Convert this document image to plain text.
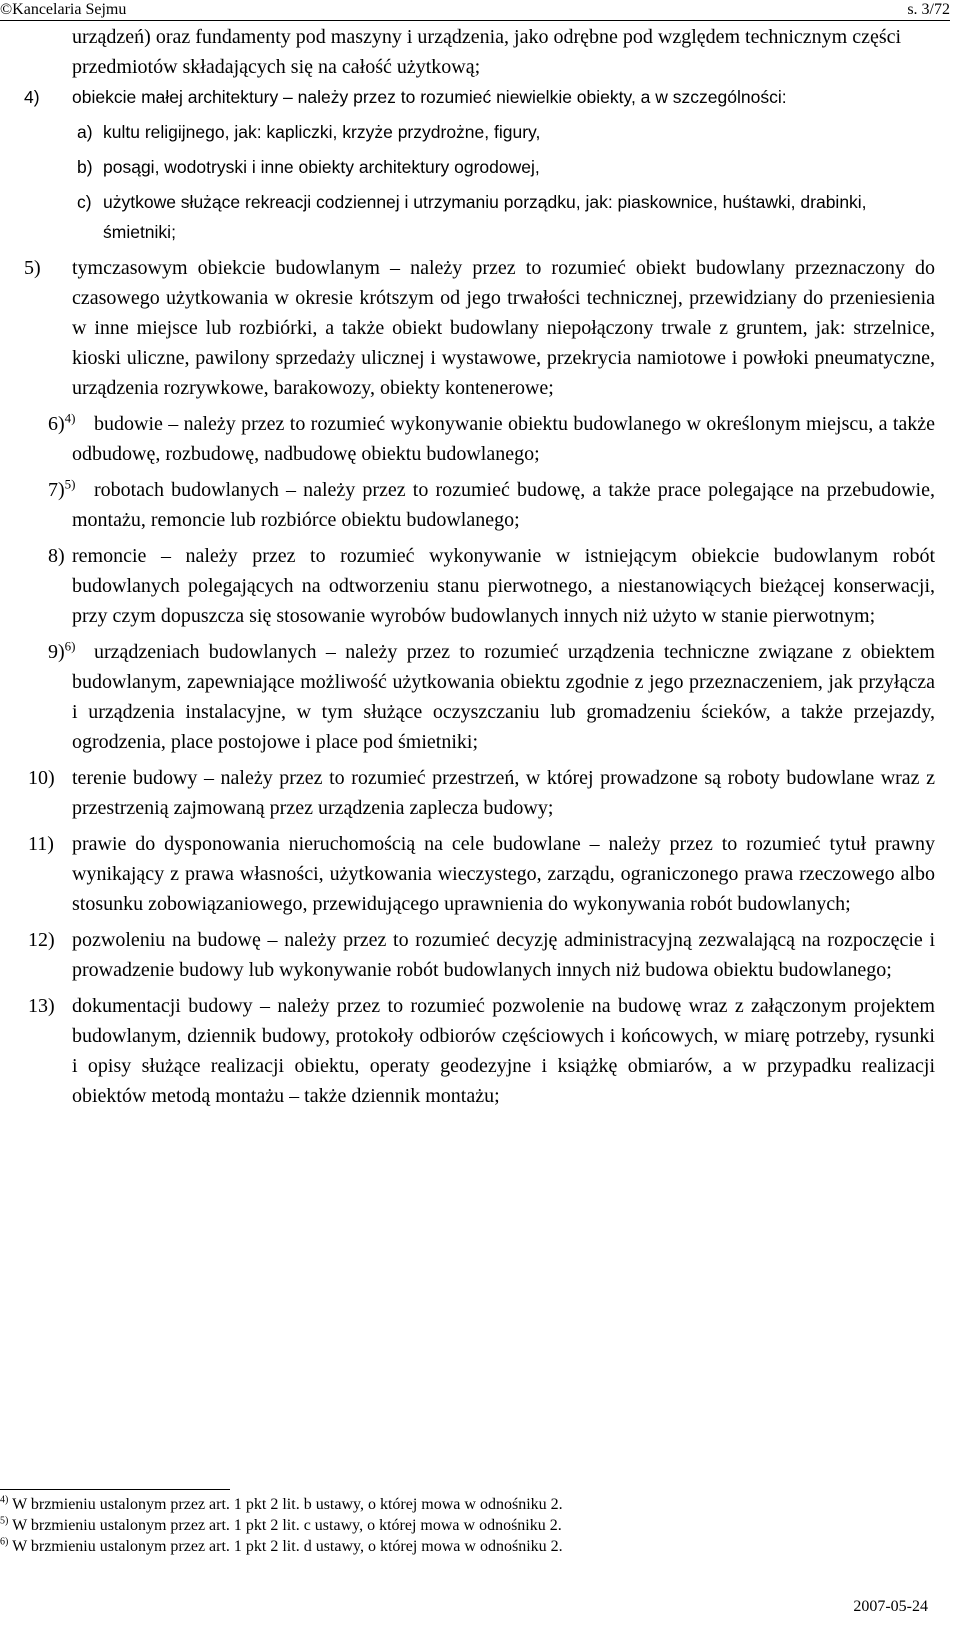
©Kancelaria Sejmu	s. 3/72

urządzeń) oraz fundamenty pod maszyny i urządzenia, jako odrębne pod względem technicznym części przedmiotów składających się na całość użytkową;

4) obiekcie małej architektury – należy przez to rozumieć niewielkie obiekty, a w szczególności:
a) kultu religijnego, jak: kapliczki, krzyże przydrożne, figury,
b) posągi, wodotryski i inne obiekty architektury ogrodowej,
c) użytkowe służące rekreacji codziennej i utrzymaniu porządku, jak: piaskownice, huśtawki, drabinki, śmietniki;
5) tymczasowym obiekcie budowlanym – należy przez to rozumieć obiekt budowlany przeznaczony do czasowego użytkowania w okresie krótszym od jego trwałości technicznej, przewidziany do przeniesienia w inne miejsce lub rozbiórki, a także obiekt budowlany niepołączony trwale z gruntem, jak: strzelnice, kioski uliczne, pawilony sprzedaży ulicznej i wystawowe, przekrycia namiotowe i powłoki pneumatyczne, urządzenia rozrywkowe, barakowozy, obiekty kontenerowe;
6)$^{4)}$ budowie – należy przez to rozumieć wykonywanie obiektu budowlanego w określonym miejscu, a także odbudowę, rozbudowę, nadbudowę obiektu budowlanego;
7)$^{5)}$ robotach budowlanych – należy przez to rozumieć budowę, a także prace polegające na przebudowie, montażu, remoncie lub rozbiórce obiektu budowlanego;
8) remoncie – należy przez to rozumieć wykonywanie w istniejącym obiekcie budowlanym robót budowlanych polegających na odtworzeniu stanu pierwotnego, a niestanowiących bieżącej konserwacji, przy czym dopuszcza się stosowanie wyrobów budowlanych innych niż użyto w stanie pierwotnym;
9)$^{6)}$ urządzeniach budowlanych – należy przez to rozumieć urządzenia techniczne związane z obiektem budowlanym, zapewniające możliwość użytkowania obiektu zgodnie z jego przeznaczeniem, jak przyłącza i urządzenia instalacyjne, w tym służące oczyszczaniu lub gromadzeniu ścieków, a także przejazdy, ogrodzenia, place postojowe i place pod śmietniki;
10) terenie budowy – należy przez to rozumieć przestrzeń, w której prowadzone są roboty budowlane wraz z przestrzenią zajmowaną przez urządzenia zaplecza budowy;
11) prawie do dysponowania nieruchomością na cele budowlane – należy przez to rozumieć tytuł prawny wynikający z prawa własności, użytkowania wieczystego, zarządu, ograniczonego prawa rzeczowego albo stosunku zobowiązaniowego, przewidującego uprawnienia do wykonywania robót budowlanych;
12) pozwoleniu na budowę – należy przez to rozumieć decyzję administracyjną zezwalającą na rozpoczęcie i prowadzenie budowy lub wykonywanie robót budowlanych innych niż budowa obiektu budowlanego;
13) dokumentacji budowy – należy przez to rozumieć pozwolenie na budowę wraz z załączonym projektem budowlanym, dziennik budowy, protokoły odbiorów częściowych i końcowych, w miarę potrzeby, rysunki i opisy służące realizacji obiektu, operaty geodezyjne i książkę obmiarów, a w przypadku realizacji obiektów metodą montażu – także dziennik montażu;
$^{4)}$ W brzmieniu ustalonym przez art. 1 pkt 2 lit. b ustawy, o której mowa w odnośniku 2.
$^{5)}$ W brzmieniu ustalonym przez art. 1 pkt 2 lit. c ustawy, o której mowa w odnośniku 2.
$^{6)}$ W brzmieniu ustalonym przez art. 1 pkt 2 lit. d ustawy, o której mowa w odnośniku 2.
2007-05-24
